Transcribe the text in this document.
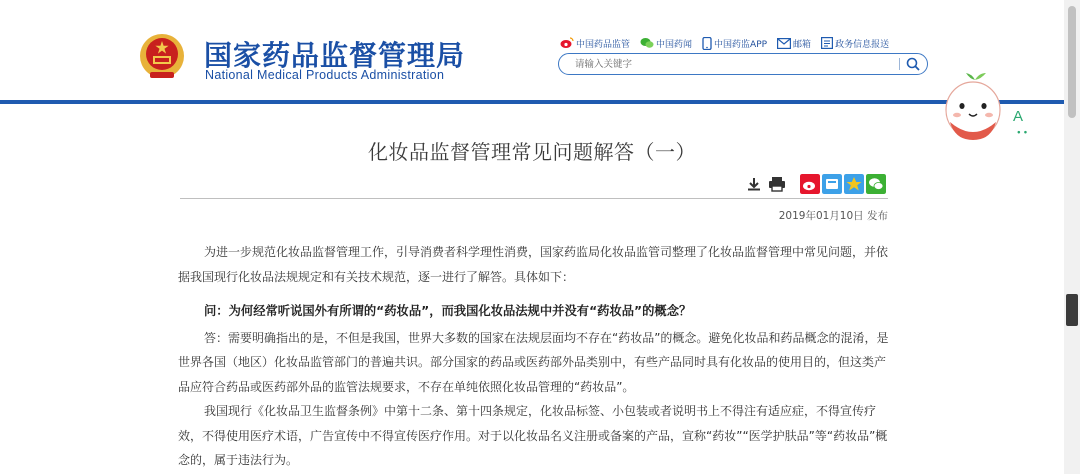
国家药品监督管理局
National Medical Products Administration
中国药品监管	中国药闻 中国药监APP	邮箱	政务信息报送
请输入关键字
A
∙∙
化妆品监督管理常见问题解答（一）
2019年01月10日 发布

为进一步规范化妆品监督管理工作，引导消费者科学理性消费，国家药监局化妆品监管司整理了化妆品监督管理中常见问题，并依据我国现行化妆品法规规定和有关技术规范，逐一进行了解答。具体如下：

问：为何经常听说国外有所谓的“药妆品”，而我国化妆品法规中并没有“药妆品”的概念？

答：需要明确指出的是，不但是我国，世界大多数的国家在法规层面均不存在“药妆品”的概念。避免化妆品和药品概念的混淆，是世界各国（地区）化妆品监管部门的普遍共识。部分国家的药品或医药部外品类别中，有些产品同时具有化妆品的使用目的，但这类产品应符合药品或医药部外品的监管法规要求，不存在单纯依照化妆品管理的“药妆品”。

我国现行《化妆品卫生监督条例》中第十二条、第十四条规定，化妆品标签、小包装或者说明书上不得注有适应症，不得宣传疗效，不得使用医疗术语，广告宣传中不得宣传医疗作用。对于以化妆品名义注册或备案的产品，宣称“药妆”“医学护肤品”等“药妆品”概念的，属于违法行为。
